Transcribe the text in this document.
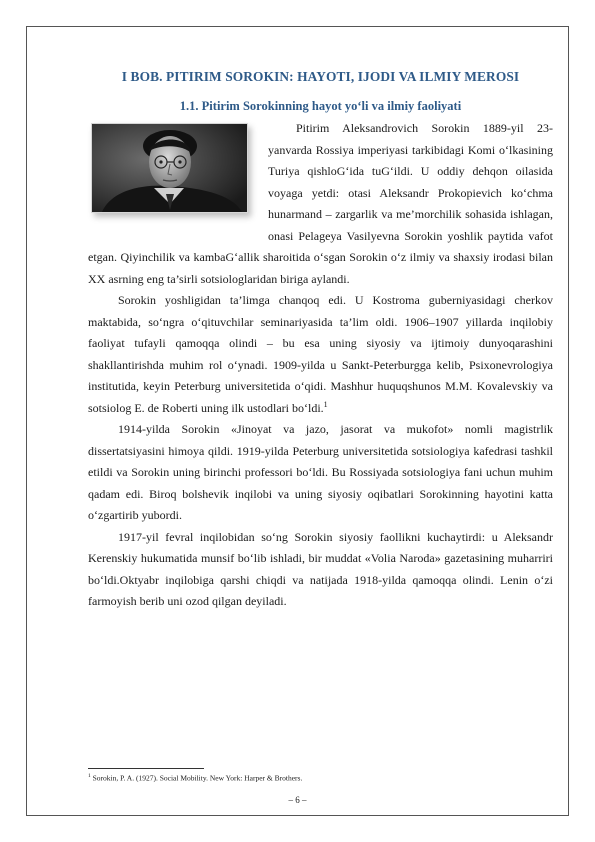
I BOB. PITIRIM SOROKIN: HAYOTI, IJODI VA ILMIY MEROSI
1.1. Pitirim Sorokinning hayot yo‘li va ilmiy faoliyati

Pitirim Aleksandrovich Sorokin 1889-yil 23-yanvarda Rossiya imperiyasi tarkibidagi Komi o‘lkasining Turiya qishloG‘ida tuG‘ildi. U oddiy dehqon oilasida voyaga yetdi: otasi Aleksandr Prokopievich ko‘chma hunarmand – zargarlik va me’morchilik sohasida ishlagan, onasi Pelageya Vasilyevna Sorokin yoshlik paytida vafot etgan. Qiyinchilik va kambaG‘allik sharoitida o‘sgan Sorokin o‘z ilmiy va shaxsiy irodasi bilan XX asrning eng ta’sirli sotsiologlaridan biriga aylandi.

Sorokin yoshligidan ta’limga chanqoq edi. U Kostroma guberniyasidagi cherkov maktabida, so‘ngra o‘qituvchilar seminariyasida ta’lim oldi. 1906–1907 yillarda inqilobiy faoliyat tufayli qamoqqa olindi – bu esa uning siyosiy va ijtimoiy dunyoqarashini shakllantirishda muhim rol o‘ynadi. 1909-yilda u Sankt-Peterburgga kelib, Psixonevrologiya institutida, keyin Peterburg universitetida o‘qidi. Mashhur huquqshunos M.M. Kovalevskiy va sotsiolog E. de Roberti uning ilk ustodlari bo‘ldi.$^1$

1914-yilda Sorokin «Jinoyat va jazo, jasorat va mukofot» nomli magistrlik dissertatsiyasini himoya qildi. 1919-yilda Peterburg universitetida sotsiologiya kafedrasi tashkil etildi va Sorokin uning birinchi professori bo‘ldi. Bu Rossiyada sotsiologiya fani uchun muhim qadam edi. Biroq bolshevik inqilobi va uning siyosiy oqibatlari Sorokinning hayotini katta o‘zgartirib yubordi.

1917-yil fevral inqilobidan so‘ng Sorokin siyosiy faollikni kuchaytirdi: u Aleksandr Kerenskiy hukumatida munsif bo‘lib ishladi, bir muddat «Volia Naroda» gazetasining muharriri bo‘ldi.Oktyabr inqilobiga qarshi chiqdi va natijada 1918-yilda qamoqqa olindi. Lenin o‘zi farmoyish berib uni ozod qilgan deyiladi.

$^1$ Sorokin, P. A. (1927). Social Mobility. New York: Harper & Brothers.
– 6 –
